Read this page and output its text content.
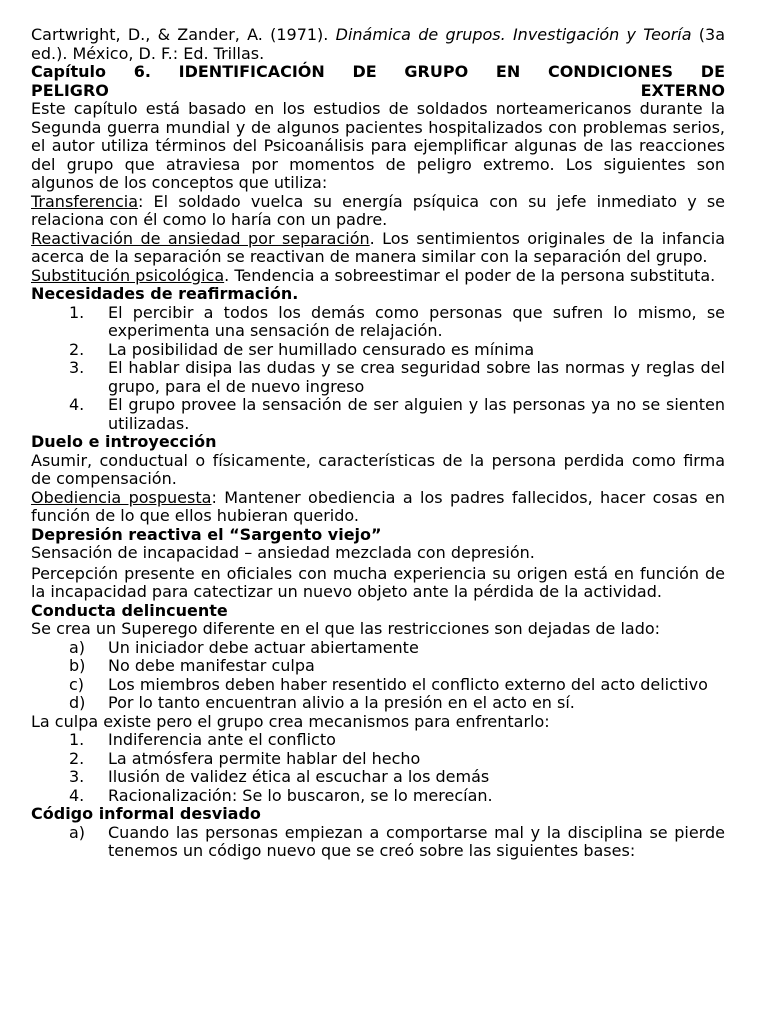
Cartwright, D., & Zander, A. (1971). Dinámica de grupos. Investigación y Teoría (3a ed.). México, D. F.: Ed. Trillas.

Capítulo 6. IDENTIFICACIÓN DE GRUPO EN CONDICIONES DE
PELIGRO EXTERNO

Este capítulo está basado en los estudios de soldados norteamericanos durante la Segunda guerra mundial y de algunos pacientes hospitalizados con problemas serios, el autor utiliza términos del Psicoanálisis para ejemplificar algunas de las reacciones del grupo que atraviesa por momentos de peligro extremo. Los siguientes son algunos de los conceptos que utiliza:

Transferencia: El soldado vuelca su energía psíquica con su jefe inmediato y se relaciona con él como lo haría con un padre.

Reactivación de ansiedad por separación. Los sentimientos originales de la infancia acerca de la separación se reactivan de manera similar con la separación del grupo.

Substitución psicológica. Tendencia a sobreestimar el poder de la persona substituta.

Necesidades de reafirmación.
1. El percibir a todos los demás como personas que sufren lo mismo, se experimenta una sensación de relajación.
2. La posibilidad de ser humillado censurado es mínima
3. El hablar disipa las dudas y se crea seguridad sobre las normas y reglas del grupo, para el de nuevo ingreso
4. El grupo provee la sensación de ser alguien y las personas ya no se sienten utilizadas.
Duelo e introyección

Asumir, conductual o físicamente, características de la persona perdida como firma de compensación.

Obediencia pospuesta: Mantener obediencia a los padres fallecidos, hacer cosas en función de lo que ellos hubieran querido.

Depresión reactiva el “Sargento viejo”

Sensación de incapacidad – ansiedad mezclada con depresión.

Percepción presente en oficiales con mucha experiencia su origen está en función de la incapacidad para catectizar un nuevo objeto ante la pérdida de la actividad.

Conducta delincuente

Se crea un Superego diferente en el que las restricciones son dejadas de lado:

a) Un iniciador debe actuar abiertamente
b) No debe manifestar culpa
c) Los miembros deben haber resentido el conflicto externo del acto delictivo
d) Por lo tanto encuentran alivio a la presión en el acto en sí.

La culpa existe pero el grupo crea mecanismos para enfrentarlo:

1. Indiferencia ante el conflicto
2. La atmósfera permite hablar del hecho
3. Ilusión de validez ética al escuchar a los demás
4. Racionalización: Se lo buscaron, se lo merecían.
Código informal desviado
a) Cuando las personas empiezan a comportarse mal y la disciplina se pierde tenemos un código nuevo que se creó sobre las siguientes bases:
